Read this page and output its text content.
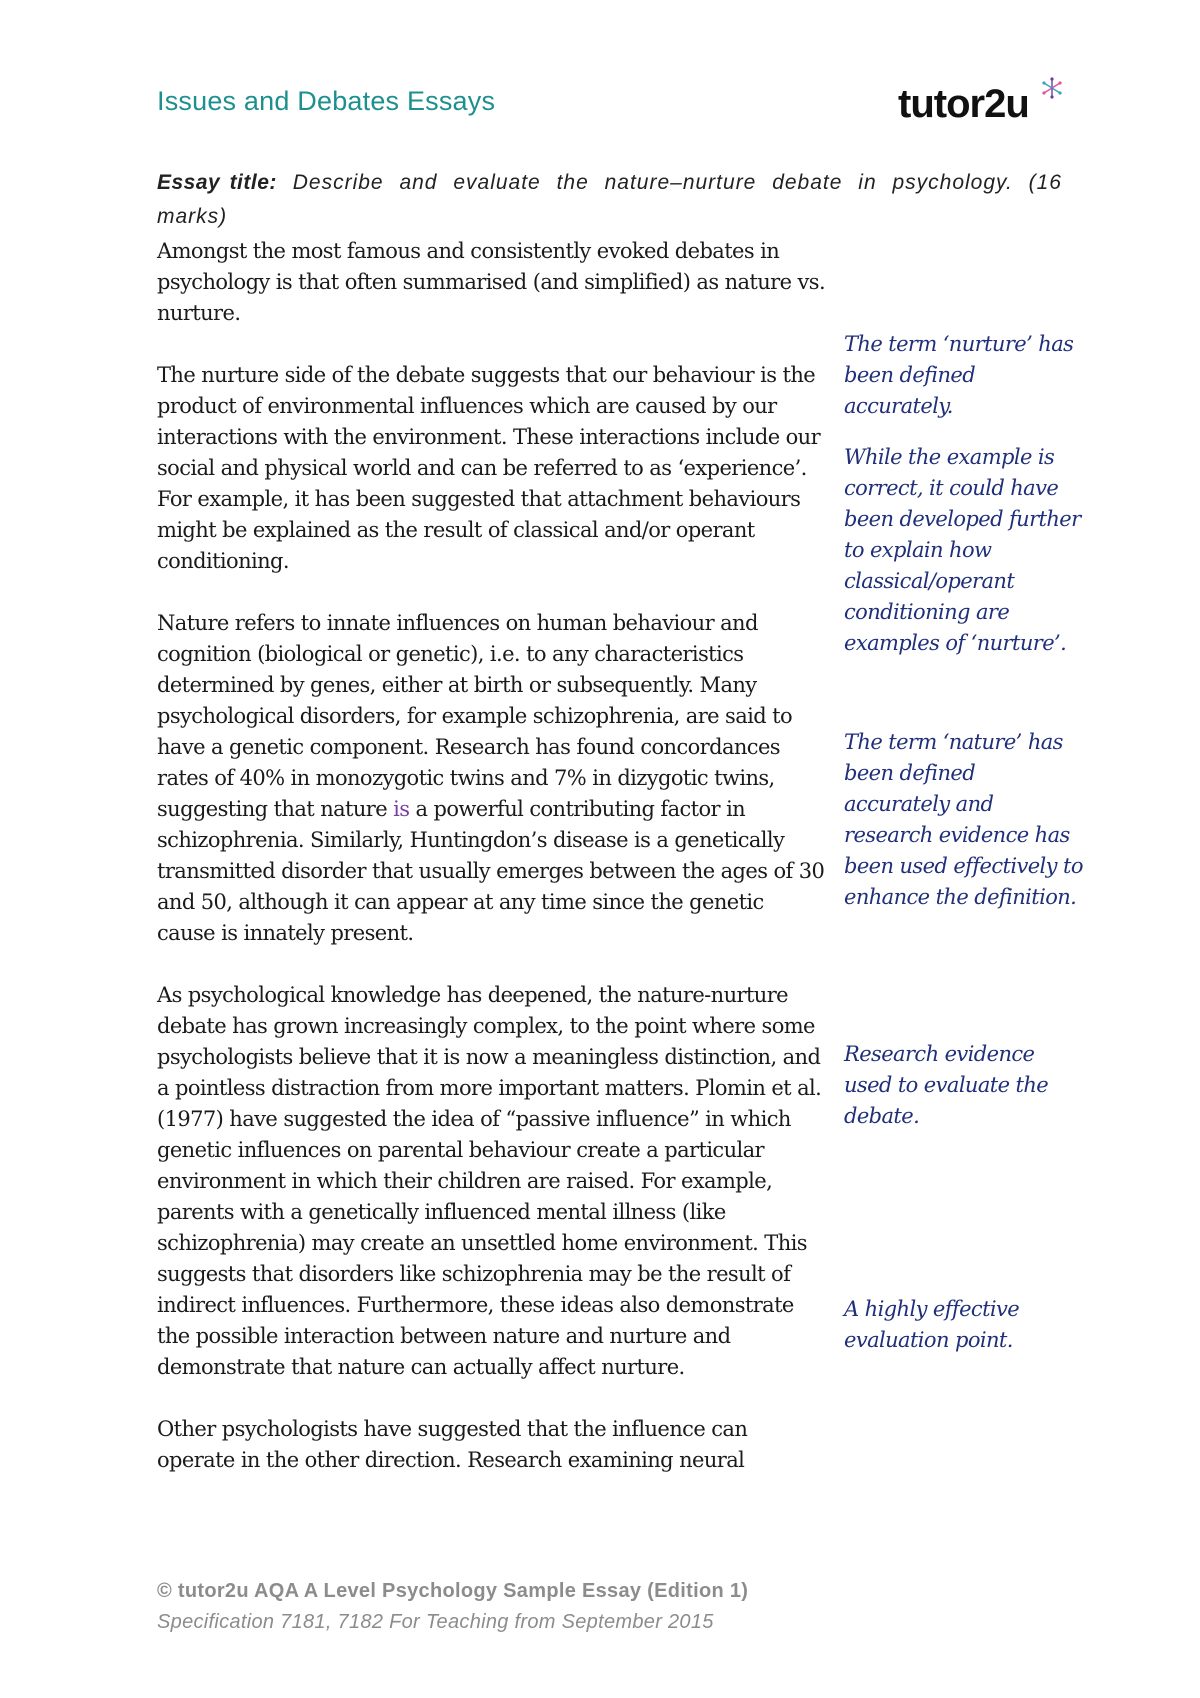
Issues and Debates Essays	tutor2u
Essay title: Describe and evaluate the nature–nurture debate in psychology. (16 marks)

Amongst the most famous and consistently evoked debates in psychology is that often summarised (and simplified) as nature vs. nurture.

The nurture side of the debate suggests that our behaviour is the product of environmental influences which are caused by our interactions with the environment. These interactions include our social and physical world and can be referred to as ‘experience’. For example, it has been suggested that attachment behaviours might be explained as the result of classical and/or operant conditioning.

Nature refers to innate influences on human behaviour and cognition (biological or genetic), i.e. to any characteristics determined by genes, either at birth or subsequently. Many psychological disorders, for example schizophrenia, are said to have a genetic component. Research has found concordances rates of 40% in monozygotic twins and 7% in dizygotic twins, suggesting that nature is a powerful contributing factor in schizophrenia. Similarly, Huntingdon’s disease is a genetically transmitted disorder that usually emerges between the ages of 30 and 50, although it can appear at any time since the genetic cause is innately present.

As psychological knowledge has deepened, the nature-nurture debate has grown increasingly complex, to the point where some psychologists believe that it is now a meaningless distinction, and a pointless distraction from more important matters. Plomin et al. (1977) have suggested the idea of “passive influence” in which genetic influences on parental behaviour create a particular environment in which their children are raised. For example, parents with a genetically influenced mental illness (like schizophrenia) may create an unsettled home environment. This suggests that disorders like schizophrenia may be the result of indirect influences. Furthermore, these ideas also demonstrate the possible interaction between nature and nurture and demonstrate that nature can actually affect nurture.

Other psychologists have suggested that the influence can operate in the other direction. Research examining neural

The term ‘nurture’ has been defined accurately.
While the example is correct, it could have been developed further to explain how classical/operant conditioning are examples of ‘nurture’.
The term ‘nature’ has been defined accurately and research evidence has been used effectively to enhance the definition.
Research evidence used to evaluate the debate.
A highly effective evaluation point.
© tutor2u AQA A Level Psychology Sample Essay (Edition 1)
Specification 7181, 7182 For Teaching from September 2015
